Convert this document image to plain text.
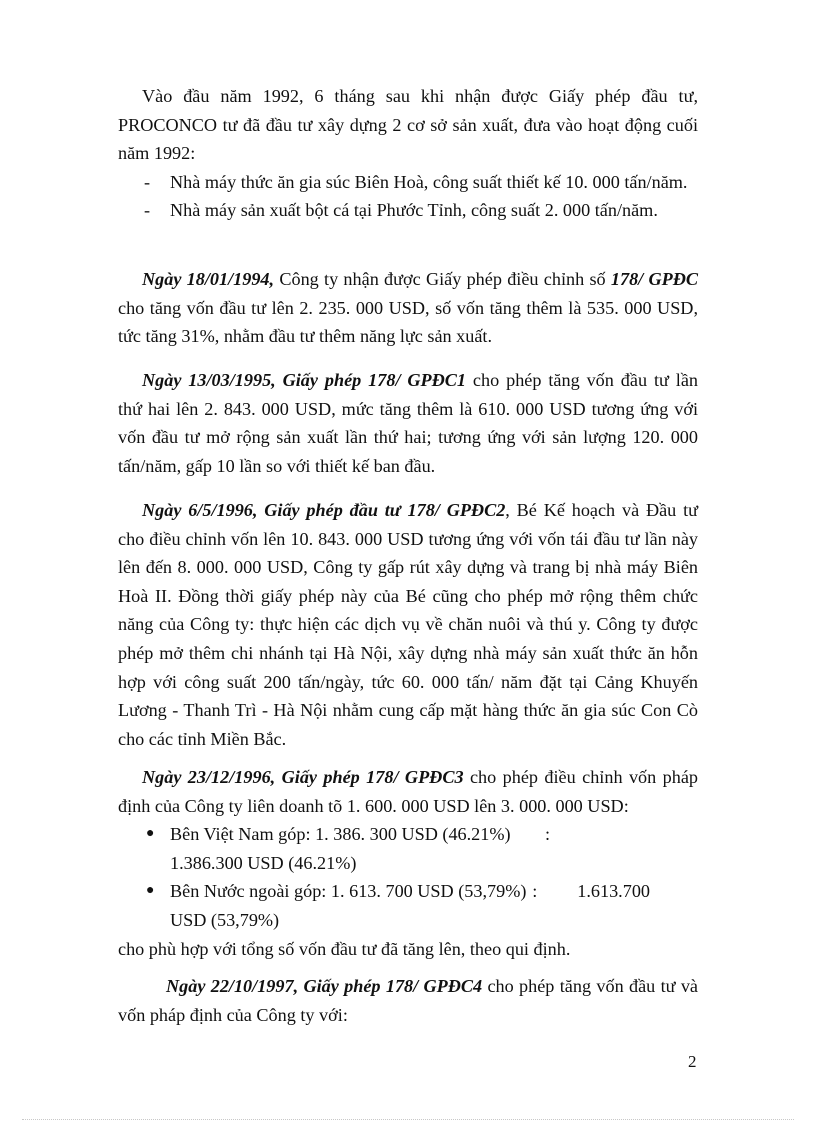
Vào đầu năm 1992, 6 tháng sau khi nhận được Giấy phép đầu tư, PROCONCO tư đã đầu tư xây dựng 2 cơ sở sản xuất, đưa vào hoạt động cuối năm 1992:

- Nhà máy thức ăn gia súc Biên Hoà, công suất thiết kế 10. 000 tấn/năm.

- Nhà máy sản xuất bột cá tại Phước Tỉnh, công suất 2. 000 tấn/năm.

Ngày 18/01/1994, Công ty nhận được Giấy phép điều chỉnh số 178/ GPĐC cho tăng vốn đầu tư lên 2. 235. 000 USD, số vốn tăng thêm là 535. 000 USD, tức tăng 31%, nhằm đầu tư thêm năng lực sản xuất.

Ngày 13/03/1995, Giấy phép 178/ GPĐC1 cho phép tăng vốn đầu tư lần thứ hai lên 2. 843. 000 USD, mức tăng thêm là 610. 000 USD tương ứng với vốn đầu tư mở rộng sản xuất lần thứ hai; tương ứng với sản lượng 120. 000 tấn/năm, gấp 10 lần so với thiết kế ban đầu.

Ngày 6/5/1996, Giấy phép đầu tư 178/ GPĐC2, Bé Kế hoạch và Đầu tư cho điều chỉnh vốn lên 10. 843. 000 USD tương ứng với vốn tái đầu tư lần này lên đến 8. 000. 000 USD, Công ty gấp rút xây dựng và trang bị nhà máy Biên Hoà II. Đồng thời giấy phép này của Bé cũng cho phép mở rộng thêm chức năng của Công ty: thực hiện các dịch vụ về chăn nuôi và thú y. Công ty được phép mở thêm chi nhánh tại Hà Nội, xây dựng nhà máy sản xuất thức ăn hỗn hợp với công suất 200 tấn/ngày, tức 60. 000 tấn/ năm đặt tại Cảng Khuyến Lương - Thanh Trì - Hà Nội nhằm cung cấp mặt hàng thức ăn gia súc Con Cò cho các tỉnh Miền Bắc.

Ngày 23/12/1996, Giấy phép 178/ GPĐC3 cho phép điều chỉnh vốn pháp định của Công ty liên doanh tõ 1. 600. 000 USD lên 3. 000. 000 USD:

● Bên Việt Nam góp: 1. 386. 300 USD (46.21%) :
1.386.300 USD (46.21%)
● Bên Nước ngoài góp: 1. 613. 700 USD (53,79%) : 1.613.700
USD (53,79%)

cho phù hợp với tổng số vốn đầu tư đã tăng lên, theo qui định.

Ngày 22/10/1997, Giấy phép 178/ GPĐC4 cho phép tăng vốn đầu tư và vốn pháp định của Công ty với:

2
